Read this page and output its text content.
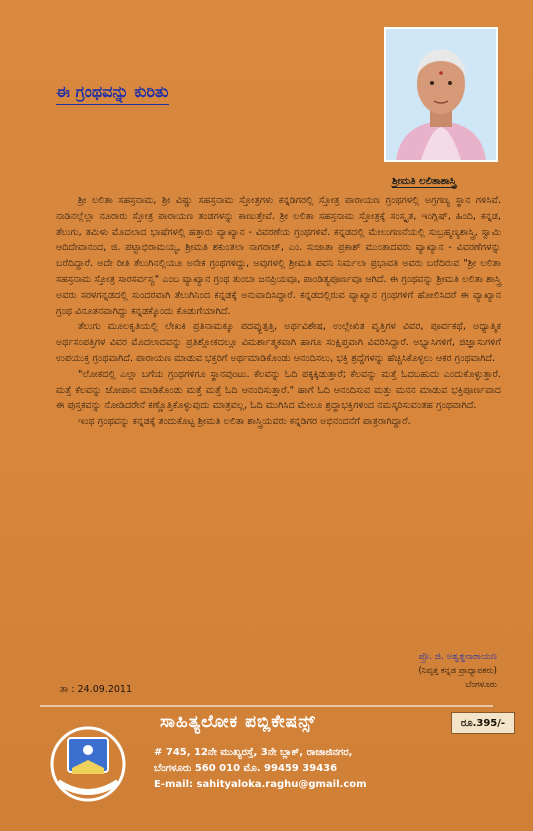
ಈ ಗ್ರಂಥವನ್ನು ಕುರಿತು
ಶ್ರೀಮತಿ ಲಲಿತಾಶಾಸ್ತ್ರಿ

ಶ್ರೀ ಲಲಿತಾ ಸಹಸ್ರನಾಮ, ಶ್ರೀ ವಿಷ್ಣು ಸಹಸ್ರನಾಮ ಸ್ತೋತ್ರಗಳು ಕನ್ನಡಿಗರಲ್ಲಿ ಸ್ತೋತ್ರ ಪಾರಾಯಣ ಗ್ರಂಥಗಳಲ್ಲಿ ಅಗ್ರಗಣ್ಯ ಸ್ಥಾನ ಗಳಿಸಿವೆ. ನಾಡಿನಲ್ಲೆಲ್ಲಾ ನೂರಾರು ಸ್ತೋತ್ರ ಪಾರಾಯಣ ತಂಡಗಳನ್ನು ಕಾಣುತ್ತೇವೆ. ಶ್ರೀ ಲಲಿತಾ ಸಹಸ್ರನಾಮ ಸ್ತೋತ್ರಕ್ಕೆ ಸಂಸ್ಕೃತ, ಇಂಗ್ಲಿಷ್, ಹಿಂದಿ, ಕನ್ನಡ, ತೆಲುಗು, ತಮಿಳು ಮೊದಲಾದ ಭಾಷೆಗಳಲ್ಲಿ ಹತ್ತಾರು ವ್ಯಾಖ್ಯಾನ - ವಿವರಣೆಯ ಗ್ರಂಥಗಳಿವೆ. ಕನ್ನಡದಲ್ಲಿ ಮೇಲುಗಣನೆಯಲ್ಲಿ ಸುಬ್ರಹ್ಮಣ್ಯಶಾಸ್ತ್ರಿ, ಸ್ವಾಮಿ ಆದಿದೇವಾನಂದ, ಜಿ. ಪಟ್ಟಾಭಿರಾಮಯ್ಯ, ಶ್ರೀಮತಿ ಶಕುಂತಲಾ ನಾಗರಾಜ್, ಎಂ. ಸುಜಾತಾ ಪ್ರಕಾಶ್ ಮುಂತಾದವರು ವ್ಯಾಖ್ಯಾನ - ವಿವರಣೆಗಳನ್ನು ಬರೆದಿದ್ದಾರೆ. ಅದೇ ರೀತಿ ತೆಲುಗಿನಲ್ಲಿಯೂ ಅನೇಕ ಗ್ರಂಥಗಳಿದ್ದು, ಅವುಗಳಲ್ಲಿ ಶ್ರೀಮತಿ ಪವನಿ ನಿರ್ಮಲಾ ಪ್ರಭಾವತಿ ಅವರು ಬರೆದಿರುವ "ಶ್ರೀ ಲಲಿತಾ ಸಹಸ್ರನಾಮ ಸ್ತೋತ್ರ ಸಾರಸರ್ವಸ್ವ" ಎಂಬ ವ್ಯಾಖ್ಯಾನ ಗ್ರಂಥ ತುಂಬಾ ಜನಪ್ರಿಯವೂ, ಪಾಂಡಿತ್ಯಪೂರ್ಣವೂ ಆಗಿದೆ. ಈ ಗ್ರಂಥವನ್ನು ಶ್ರೀಮತಿ ಲಲಿತಾ ಶಾಸ್ತ್ರಿ ಅವರು ಸರಳಗನ್ನಡದಲ್ಲಿ ಸುಂದರವಾಗಿ ತೆಲುಗಿನಿಂದ ಕನ್ನಡಕ್ಕೆ ಅನುವಾದಿಸಿದ್ದಾರೆ. ಕನ್ನಡದಲ್ಲಿರುವ ವ್ಯಾಖ್ಯಾನ ಗ್ರಂಥಗಳಿಗೆ ಹೋಲಿಸಿದರೆ ಈ ವ್ಯಾಖ್ಯಾನ ಗ್ರಂಥ ವಿನೂತನವಾಗಿದ್ದು ಕನ್ನಡಕ್ಕೊಂದು ಕೊಡುಗೆಯಾಗಿದೆ.

ತೆಲುಗು ಮೂಲಕೃತಿಯಲ್ಲಿ ಲೇಖಕಿ ಪ್ರತಿನಾಮಕ್ಕೂ ಪದವ್ಯುತ್ಪತ್ತಿ, ಅರ್ಥವಿಶೇಷ, ಉಲ್ಲೇಖಿತ ವೃತ್ತಿಗಳ ವಿವರ, ಪೂರ್ವಕಥೆ, ಅಧ್ಯಾತ್ಮಿಕ ಅರ್ಥಸಂಪತ್ತಿಗಳ ವಿವರ ಮೊದಲಾದವನ್ನು ಪ್ರತಿಶ್ಲೋಕದಲ್ಲೂ ವಿಮರ್ಶಾತ್ಮಕವಾಗಿ ಹಾಗೂ ಸಂಕ್ಷಿಪ್ತವಾಗಿ ವಿವರಿಸಿದ್ದಾರೆ. ಅಭ್ಯಾಸಿಗಳಿಗೆ, ಜಿಜ್ಞಾಸುಗಳಿಗೆ ಉಪಯುಕ್ತ ಗ್ರಂಥವಾಗಿದೆ. ಪಾರಾಯಣ ಮಾಡುವ ಭಕ್ತರಿಗೆ ಅರ್ಥಮಾಡಿಕೊಂಡು ಆನಂದಿಸಲು, ಭಕ್ತಿ ಶ್ರದ್ಧೆಗಳನ್ನು ಹೆಚ್ಚಿಸಿಕೊಳ್ಳಲು ಆಕರ ಗ್ರಂಥವಾಗಿದೆ.

"ಲೋಕದಲ್ಲಿ ಎಲ್ಲಾ ಬಗೆಯ ಗ್ರಂಥಗಳಿಗೂ ಸ್ಥಾನವುಂಟು. ಕೆಲವನ್ನು ಓದಿ ಪಕ್ಕಕ್ಕಿಡುತ್ತಾರೆ; ಕೆಲವನ್ನು ಮತ್ತೆ ಓದಬಹುದು ಎಂದುಕೊಳ್ಳುತ್ತಾರೆ. ಮತ್ತೆ ಕೆಲವನ್ನು ಜೋಪಾನ ಮಾಡಿಕೊಂಡು ಮತ್ತೆ ಮತ್ತೆ ಓದಿ ಆನಂದಿಸುತ್ತಾರೆ." ಹಾಗೆ ಓದಿ ಆನಂದಿಸುವ ಮತ್ತು ಮನನ ಮಾಡುವ ಭಕ್ತಿಪೂರ್ಣವಾದ ಈ ಪುಸ್ತಕವನ್ನು ನೋಡಿದರೇನೆ ಕಣ್ಣೊತ್ತಿಕೊಳ್ಳುವುದು ಮಾತ್ರವಲ್ಲ, ಓದಿ ಮುಗಿಸಿದ ಮೇಲೂ ಶ್ರದ್ಧಾಭಕ್ತಿಗಳಿಂದ ನಮಸ್ಕರಿಸುವಂತಹ ಗ್ರಂಥವಾಗಿದೆ.

ಇಂಥ ಗ್ರಂಥವನ್ನು ಕನ್ನಡಕ್ಕೆ ತಂದುಕೊಟ್ಟ ಶ್ರೀಮತಿ ಲಲಿತಾ ಶಾಸ್ತ್ರಿಯವರು ಕನ್ನಡಿಗರ ಅಭಿನಂದನೆಗೆ ಪಾತ್ರರಾಗಿದ್ದಾರೆ.

ಪ್ರೊ. ಜಿ. ಅಶ್ವತ್ಥನಾರಾಯಣ
(ನಿವೃತ್ತ ಕನ್ನಡ ಪ್ರಾಧ್ಯಾಪಕರು)
ಬೆಂಗಳೂರು
ತಾ : 24.09.2011
ಸಾಹಿತ್ಯಲೋಕ ಪಬ್ಲಿಕೇಷನ್ಸ್	ರೂ.395/-
# 745, 12ನೇ ಮುಖ್ಯರಸ್ತೆ, 3ನೇ ಬ್ಲಾಕ್, ರಾಜಾಜಿನಗರ,
ಬೆಂಗಳೂರು 560 010 ಮೊ. 99459 39436
E-mail: sahityaloka.raghu@gmail.com
